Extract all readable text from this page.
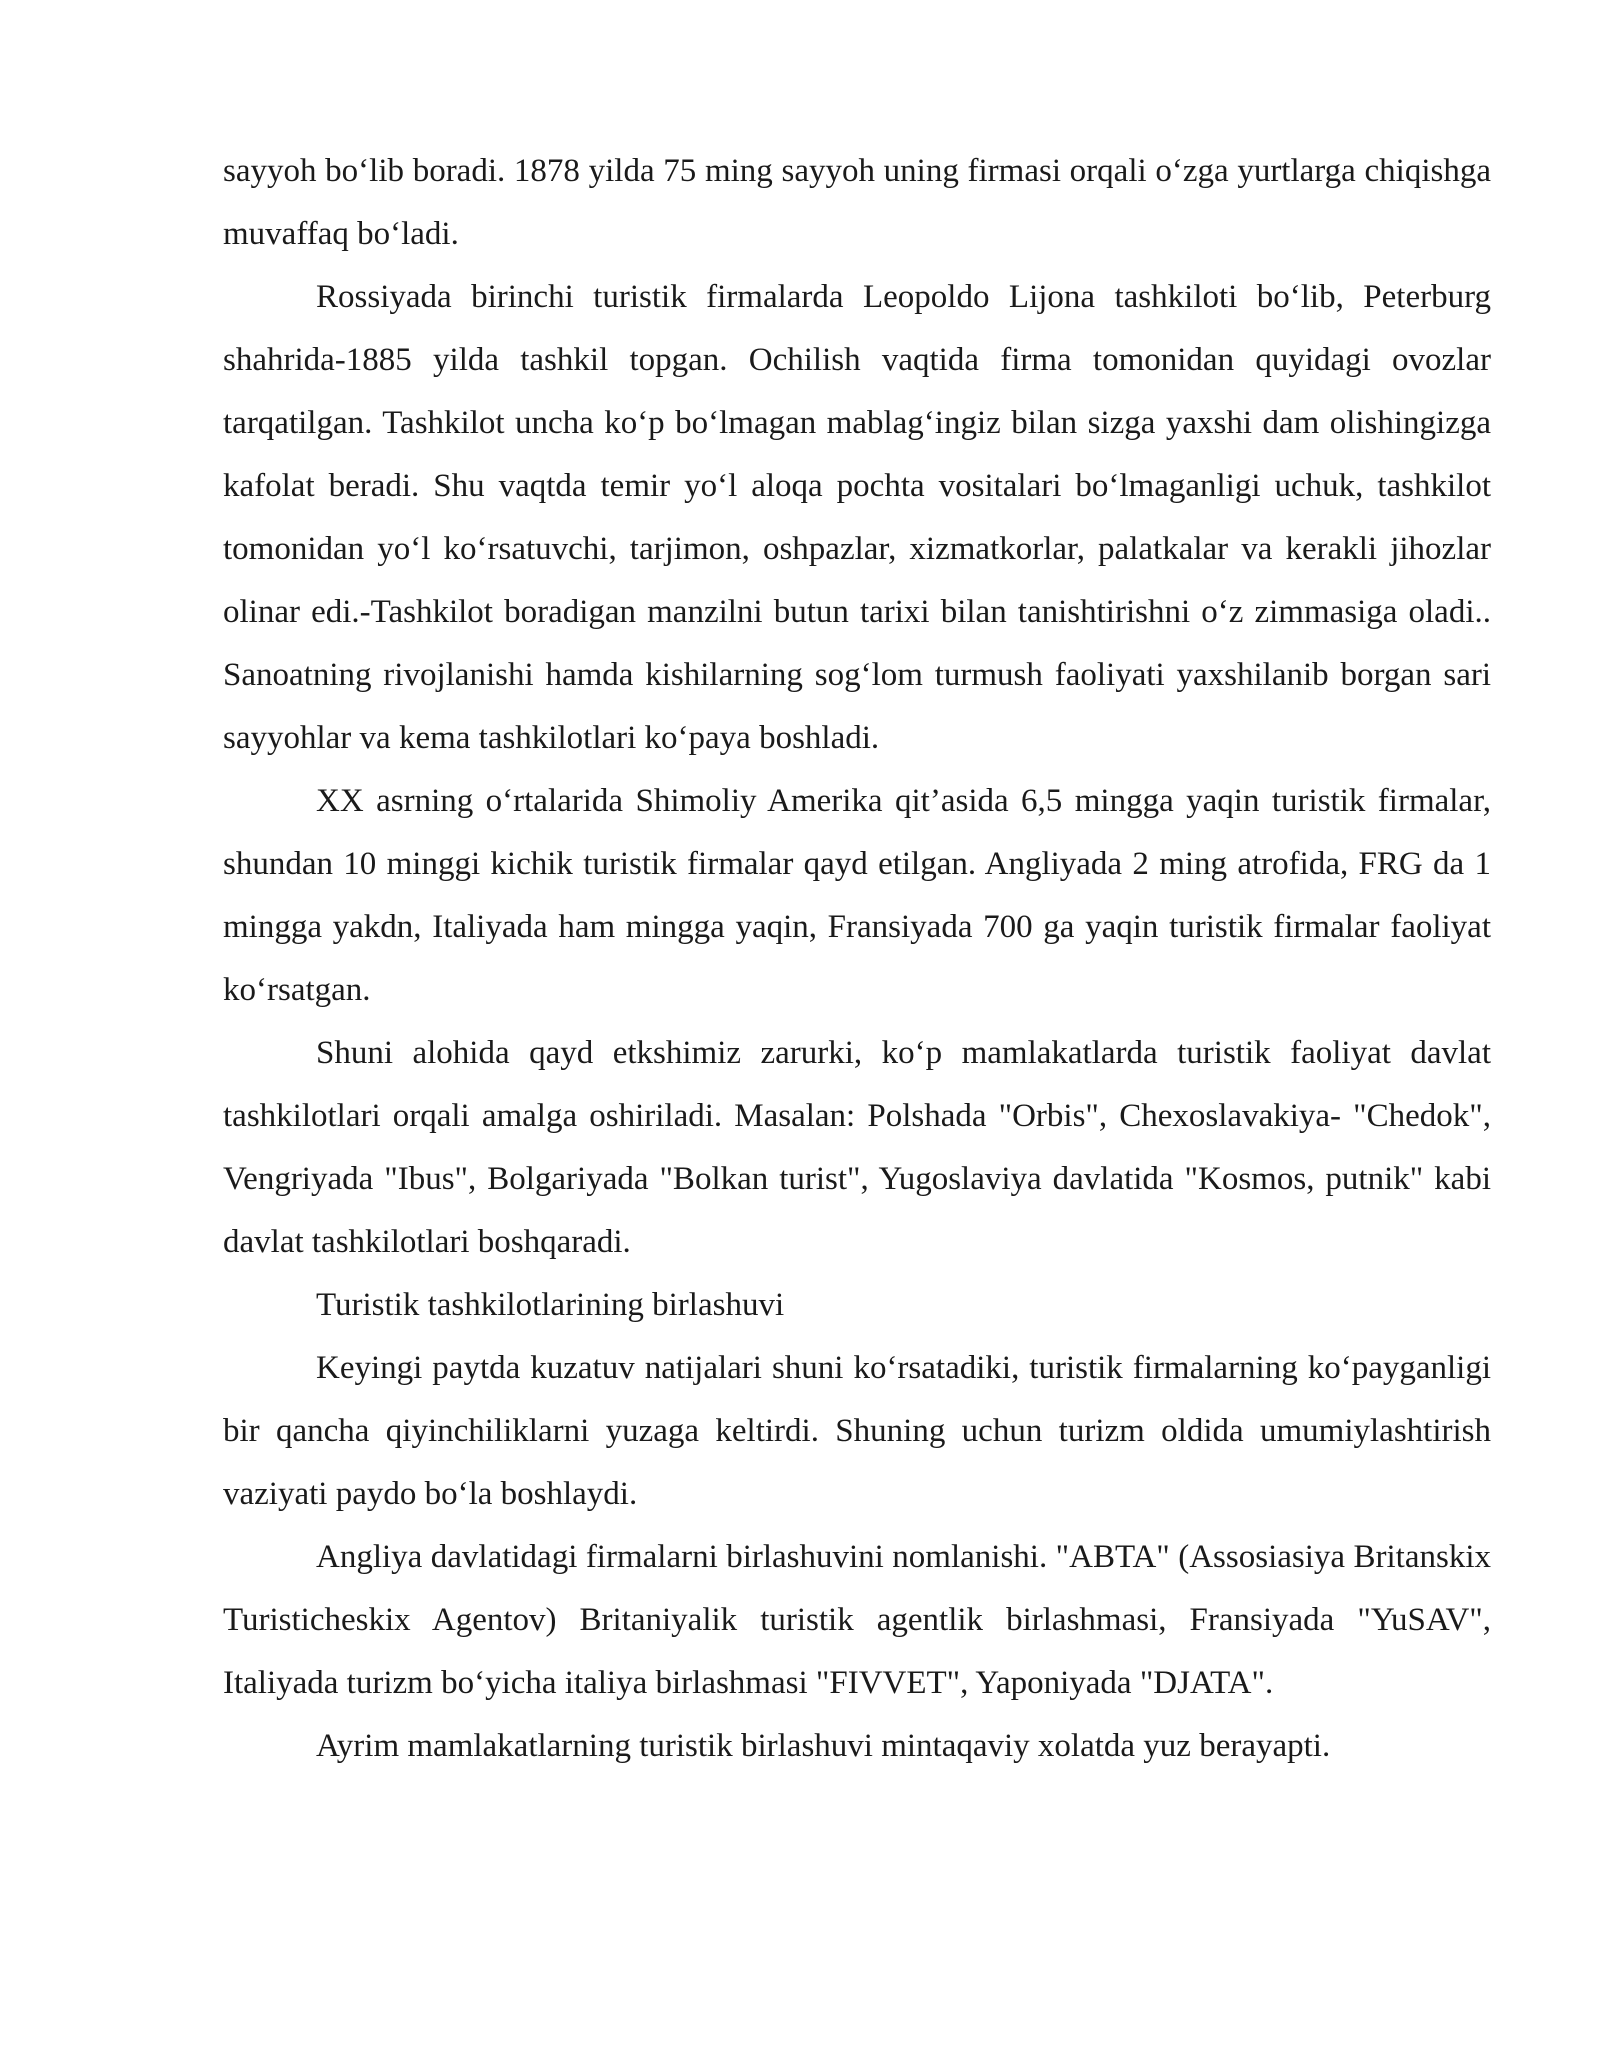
sayyoh bo‘lib boradi. 1878 yilda 75 ming sayyoh uning firmasi orqali o‘zga yurtlarga chiqishga muvaffaq bo‘ladi.

Rossiyada birinchi turistik firmalarda Leopoldo Lijona tashkiloti bo‘lib, Peterburg shahrida-1885 yilda tashkil topgan. Ochilish vaqtida firma tomonidan quyidagi ovozlar tarqatilgan. Tashkilot uncha ko‘p bo‘lmagan mablag‘ingiz bilan sizga yaxshi dam olishingizga kafolat beradi. Shu vaqtda temir yo‘l aloqa pochta vositalari bo‘lmaganligi uchuk, tashkilot tomonidan yo‘l ko‘rsatuvchi, tarjimon, oshpazlar, xizmatkorlar, palatkalar va kerakli jihozlar olinar edi.-Tashkilot boradigan manzilni butun tarixi bilan tanishtirishni o‘z zimmasiga oladi.. Sanoatning rivojlanishi hamda kishilarning sog‘lom turmush faoliyati yaxshilanib borgan sari sayyohlar va kema tashkilotlari ko‘paya boshladi.

XX asrning o‘rtalarida Shimoliy Amerika qit’asida 6,5 mingga yaqin turistik firmalar, shundan 10 minggi kichik turistik firmalar qayd etilgan. Angliyada 2 ming atrofida, FRG da 1 mingga yakdn, Italiyada ham mingga yaqin, Fransiyada 700 ga yaqin turistik firmalar faoliyat ko‘rsatgan.

Shuni alohida qayd etkshimiz zarurki, ko‘p mamlakatlarda turistik faoliyat davlat tashkilotlari orqali amalga oshiriladi. Masalan: Polshada "Orbis", Chexoslavakiya- "Chedok", Vengriyada "Ibus", Bolgariyada "Bolkan turist", Yugoslaviya davlatida "Kosmos, putnik" kabi davlat tashkilotlari boshqaradi.

Turistik tashkilotlarining birlashuvi

Keyingi paytda kuzatuv natijalari shuni ko‘rsatadiki, turistik firmalarning ko‘payganligi bir qancha qiyinchiliklarni yuzaga keltirdi. Shuning uchun turizm oldida umumiylashtirish vaziyati paydo bo‘la boshlaydi.

Angliya davlatidagi firmalarni birlashuvini nomlanishi. "ABTA" (Assosiasiya Britanskix Turisticheskix Agentov) Britaniyalik turistik agentlik birlashmasi, Fransiyada "YuSAV", Italiyada turizm bo‘yicha italiya birlashmasi "FIVVET", Yaponiyada "DJATA".

Ayrim mamlakatlarning turistik birlashuvi mintaqaviy xolatda yuz berayapti.
